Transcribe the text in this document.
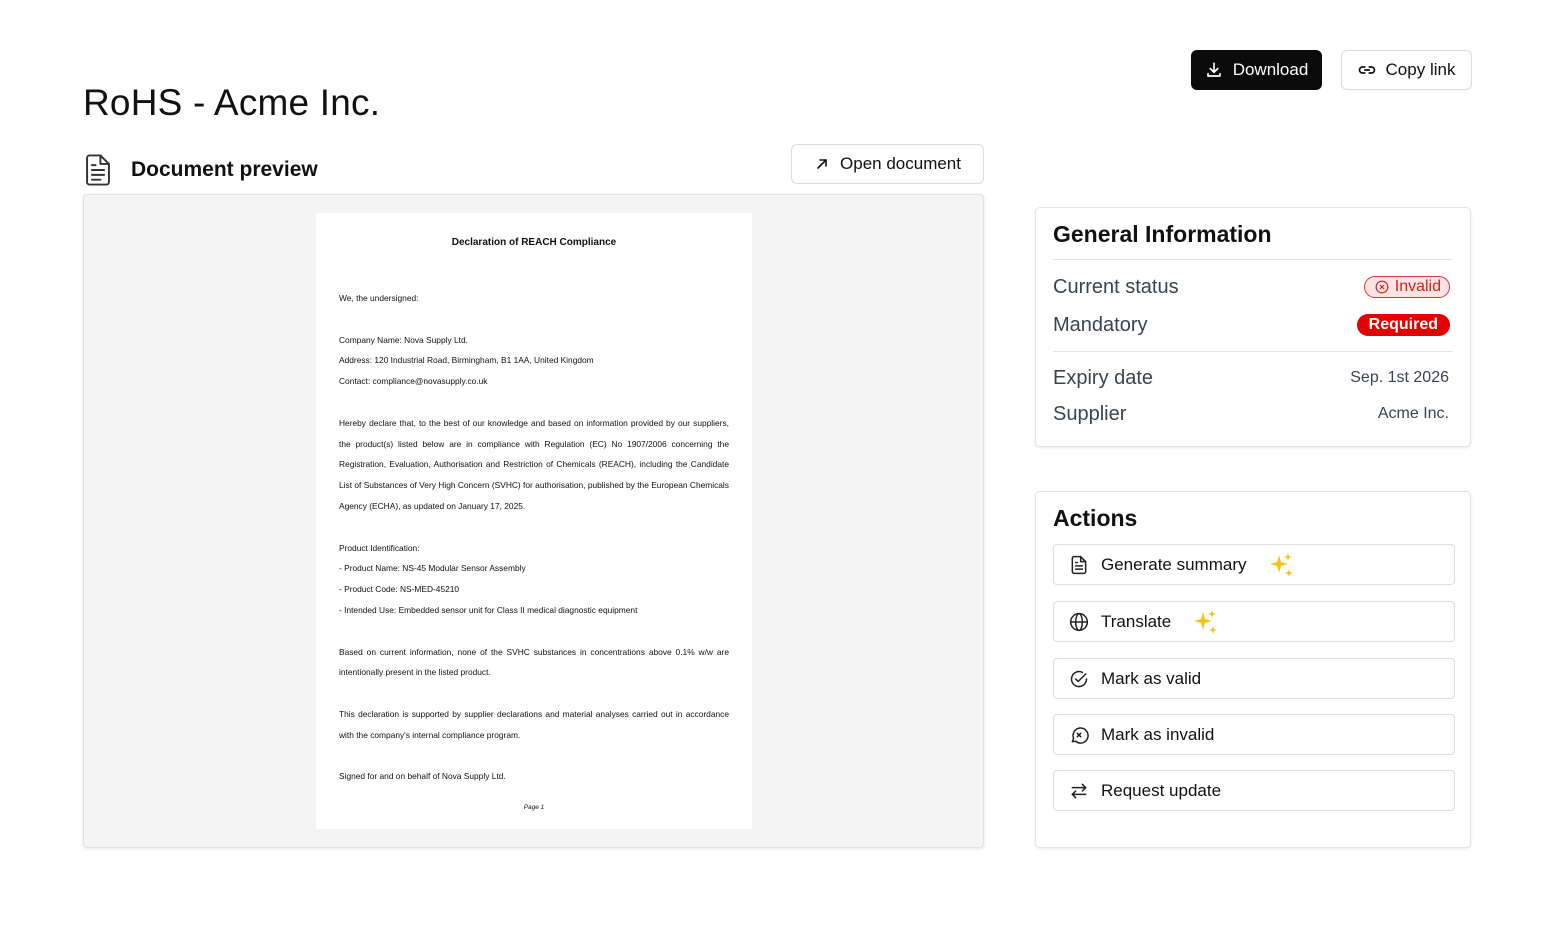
RoHS - Acme Inc.
Download	Copy link
Document preview	Open document
Declaration of REACH Compliance
We, the undersigned:
Company Name: Nova Supply Ltd.
Address: 120 Industrial Road, Birmingham, B1 1AA, United Kingdom
Contact: compliance@novasupply.co.uk
Hereby declare that, to the best of our knowledge and based on information provided by our suppliers, the product(s) listed below are in compliance with Regulation (EC) No 1907/2006 concerning the Registration, Evaluation, Authorisation and Restriction of Chemicals (REACH), including the Candidate List of Substances of Very High Concern (SVHC) for authorisation, published by the European Chemicals Agency (ECHA), as updated on January 17, 2025.
Product Identification:
- Product Name: NS-45 Modular Sensor Assembly
- Product Code: NS-MED-45210
- Intended Use: Embedded sensor unit for Class II medical diagnostic equipment
Based on current information, none of the SVHC substances in concentrations above 0.1% w/w are intentionally present in the listed product.
This declaration is supported by supplier declarations and material analyses carried out in accordance with the company's internal compliance program.
Signed for and on behalf of Nova Supply Ltd.
Page 1
General Information
Current status	Invalid
Mandatory	Required
Expiry date	Sep. 1st 2026
Supplier	Acme Inc.
Actions
Generate summary
Translate
Mark as valid
Mark as invalid
Request update
